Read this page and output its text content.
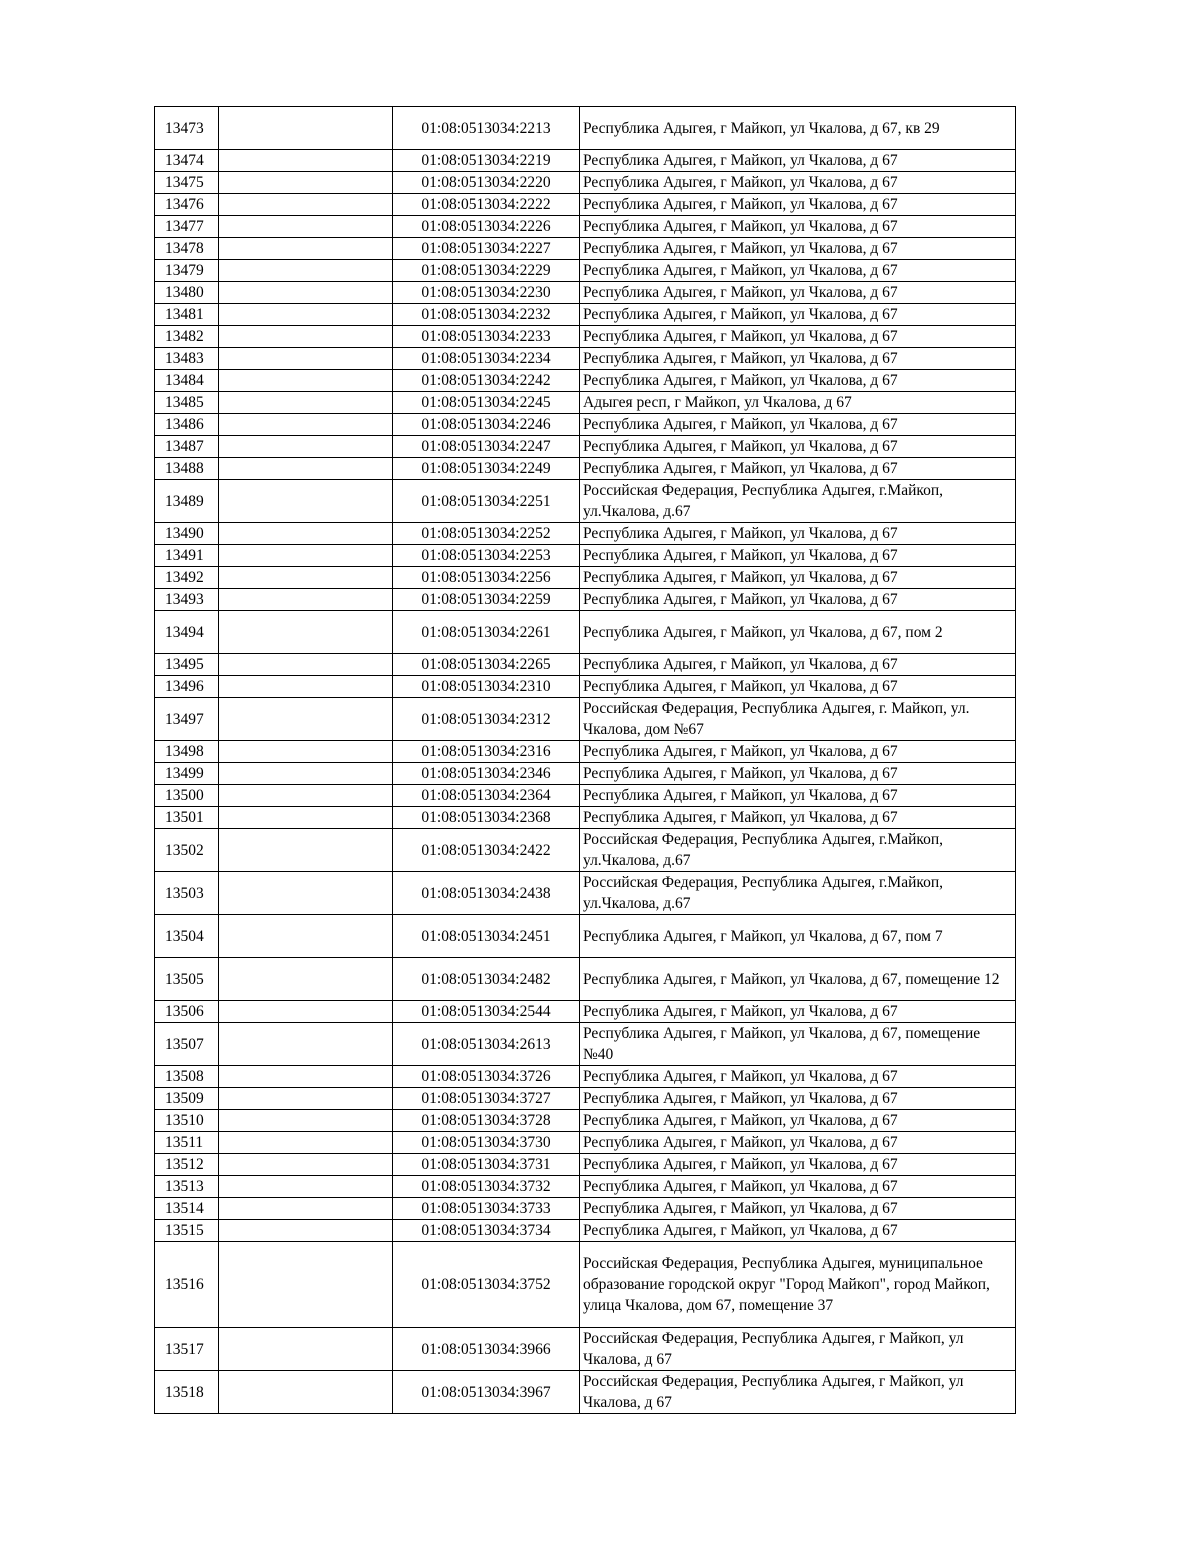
13473		01:08:0513034:2213	Республика Адыгея, г Майкоп, ул Чкалова, д 67, кв 29
13474		01:08:0513034:2219	Республика Адыгея, г Майкоп, ул Чкалова, д 67
13475		01:08:0513034:2220	Республика Адыгея, г Майкоп, ул Чкалова, д 67
13476		01:08:0513034:2222	Республика Адыгея, г Майкоп, ул Чкалова, д 67
13477		01:08:0513034:2226	Республика Адыгея, г Майкоп, ул Чкалова, д 67
13478		01:08:0513034:2227	Республика Адыгея, г Майкоп, ул Чкалова, д 67
13479		01:08:0513034:2229	Республика Адыгея, г Майкоп, ул Чкалова, д 67
13480		01:08:0513034:2230	Республика Адыгея, г Майкоп, ул Чкалова, д 67
13481		01:08:0513034:2232	Республика Адыгея, г Майкоп, ул Чкалова, д 67
13482		01:08:0513034:2233	Республика Адыгея, г Майкоп, ул Чкалова, д 67
13483		01:08:0513034:2234	Республика Адыгея, г Майкоп, ул Чкалова, д 67
13484		01:08:0513034:2242	Республика Адыгея, г Майкоп, ул Чкалова, д 67
13485		01:08:0513034:2245	Адыгея респ, г Майкоп, ул Чкалова, д 67
13486		01:08:0513034:2246	Республика Адыгея, г Майкоп, ул Чкалова, д 67
13487		01:08:0513034:2247	Республика Адыгея, г Майкоп, ул Чкалова, д 67
13488		01:08:0513034:2249	Республика Адыгея, г Майкоп, ул Чкалова, д 67
13489		01:08:0513034:2251	Российская Федерация, Республика Адыгея, г.Майкоп, ул.Чкалова, д.67
13490		01:08:0513034:2252	Республика Адыгея, г Майкоп, ул Чкалова, д 67
13491		01:08:0513034:2253	Республика Адыгея, г Майкоп, ул Чкалова, д 67
13492		01:08:0513034:2256	Республика Адыгея, г Майкоп, ул Чкалова, д 67
13493		01:08:0513034:2259	Республика Адыгея, г Майкоп, ул Чкалова, д 67
13494		01:08:0513034:2261	Республика Адыгея, г Майкоп, ул Чкалова, д 67, пом 2
13495		01:08:0513034:2265	Республика Адыгея, г Майкоп, ул Чкалова, д 67
13496		01:08:0513034:2310	Республика Адыгея, г Майкоп, ул Чкалова, д 67
13497		01:08:0513034:2312	Российская Федерация, Республика Адыгея, г. Майкоп, ул. Чкалова, дом №67
13498		01:08:0513034:2316	Республика Адыгея, г Майкоп, ул Чкалова, д 67
13499		01:08:0513034:2346	Республика Адыгея, г Майкоп, ул Чкалова, д 67
13500		01:08:0513034:2364	Республика Адыгея, г Майкоп, ул Чкалова, д 67
13501		01:08:0513034:2368	Республика Адыгея, г Майкоп, ул Чкалова, д 67
13502		01:08:0513034:2422	Российская Федерация, Республика Адыгея, г.Майкоп, ул.Чкалова, д.67
13503		01:08:0513034:2438	Российская Федерация, Республика Адыгея, г.Майкоп, ул.Чкалова, д.67
13504		01:08:0513034:2451	Республика Адыгея, г Майкоп, ул Чкалова, д 67, пом 7
13505		01:08:0513034:2482	Республика Адыгея, г Майкоп, ул Чкалова, д 67, помещение 12
13506		01:08:0513034:2544	Республика Адыгея, г Майкоп, ул Чкалова, д 67
13507		01:08:0513034:2613	Республика Адыгея, г Майкоп, ул Чкалова, д 67, помещение №40
13508		01:08:0513034:3726	Республика Адыгея, г Майкоп, ул Чкалова, д 67
13509		01:08:0513034:3727	Республика Адыгея, г Майкоп, ул Чкалова, д 67
13510		01:08:0513034:3728	Республика Адыгея, г Майкоп, ул Чкалова, д 67
13511		01:08:0513034:3730	Республика Адыгея, г Майкоп, ул Чкалова, д 67
13512		01:08:0513034:3731	Республика Адыгея, г Майкоп, ул Чкалова, д 67
13513		01:08:0513034:3732	Республика Адыгея, г Майкоп, ул Чкалова, д 67
13514		01:08:0513034:3733	Республика Адыгея, г Майкоп, ул Чкалова, д 67
13515		01:08:0513034:3734	Республика Адыгея, г Майкоп, ул Чкалова, д 67
13516		01:08:0513034:3752	Российская Федерация, Республика Адыгея, муниципальное образование городской округ "Город Майкоп", город Майкоп, улица Чкалова, дом 67, помещение 37
13517		01:08:0513034:3966	Российская Федерация, Республика Адыгея, г Майкоп, ул Чкалова, д 67
13518		01:08:0513034:3967	Российская Федерация, Республика Адыгея, г Майкоп, ул Чкалова, д 67
